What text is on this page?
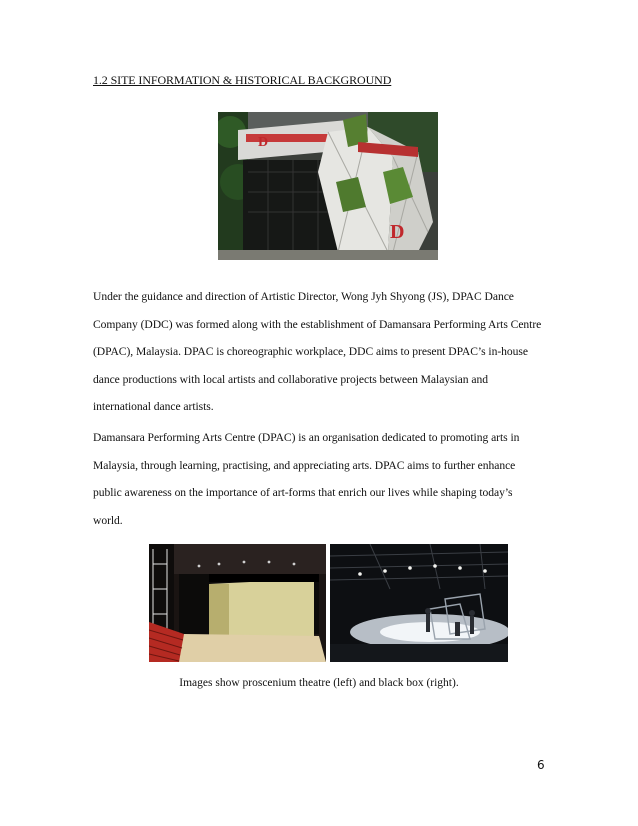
1.2 SITE INFORMATION & HISTORICAL BACKGROUND
D
D
Under the guidance and direction of Artistic Director, Wong Jyh Shyong (JS), DPAC Dance Company (DDC) was formed along with the establishment of Damansara Performing Arts Centre (DPAC), Malaysia. DPAC is choreographic workplace, DDC aims to present DPAC’s in-house dance productions with local artists and collaborative projects between Malaysian and international dance artists.
Damansara Performing Arts Centre (DPAC) is an organisation dedicated to promoting arts in Malaysia, through learning, practising, and appreciating arts. DPAC aims to further enhance public awareness on the importance of art-forms that enrich our lives while shaping today’s world.
Images show proscenium theatre (left) and black box (right).
6
